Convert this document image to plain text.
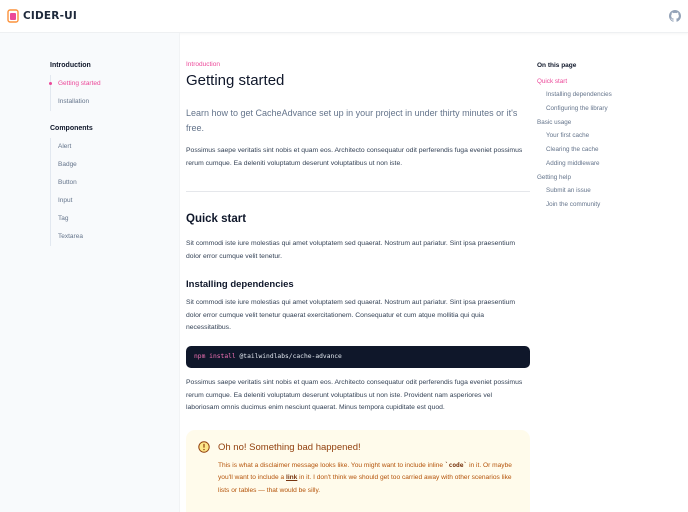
CIDER-UI
Introduction
Getting started
Installation
Components
Alert
Badge
Button
Input
Tag
Textarea
Introduction
Getting started

Learn how to get CacheAdvance set up in your project in under thirty minutes or it's free.

Possimus saepe veritatis sint nobis et quam eos. Architecto consequatur odit perferendis fuga eveniet possimus rerum cumque. Ea deleniti voluptatum deserunt voluptatibus ut non iste.

Quick start

Sit commodi iste iure molestias qui amet voluptatem sed quaerat. Nostrum aut pariatur. Sint ipsa praesentium dolor error cumque velit tenetur.

Installing dependencies

Sit commodi iste iure molestias qui amet voluptatem sed quaerat. Nostrum aut pariatur. Sint ipsa praesentium dolor error cumque velit tenetur quaerat exercitationem. Consequatur et cum atque mollitia qui quia necessitatibus.

npm install @tailwindlabs/cache-advance

Possimus saepe veritatis sint nobis et quam eos. Architecto consequatur odit perferendis fuga eveniet possimus rerum cumque. Ea deleniti voluptatum deserunt voluptatibus ut non iste. Provident nam asperiores vel laboriosam omnis ducimus enim nesciunt quaerat. Minus tempora cupiditate est quod.

Oh no! Something bad happened!

This is what a disclaimer message looks like. You might want to include inline `code` in it. Or maybe you'll want to include a link in it. I don't think we should get too carried away with other scenarios like lists or tables — that would be silly.

On this page
Quick start
Installing dependencies
Configuring the library
Basic usage
Your first cache
Clearing the cache
Adding middleware
Getting help
Submit an issue
Join the community
